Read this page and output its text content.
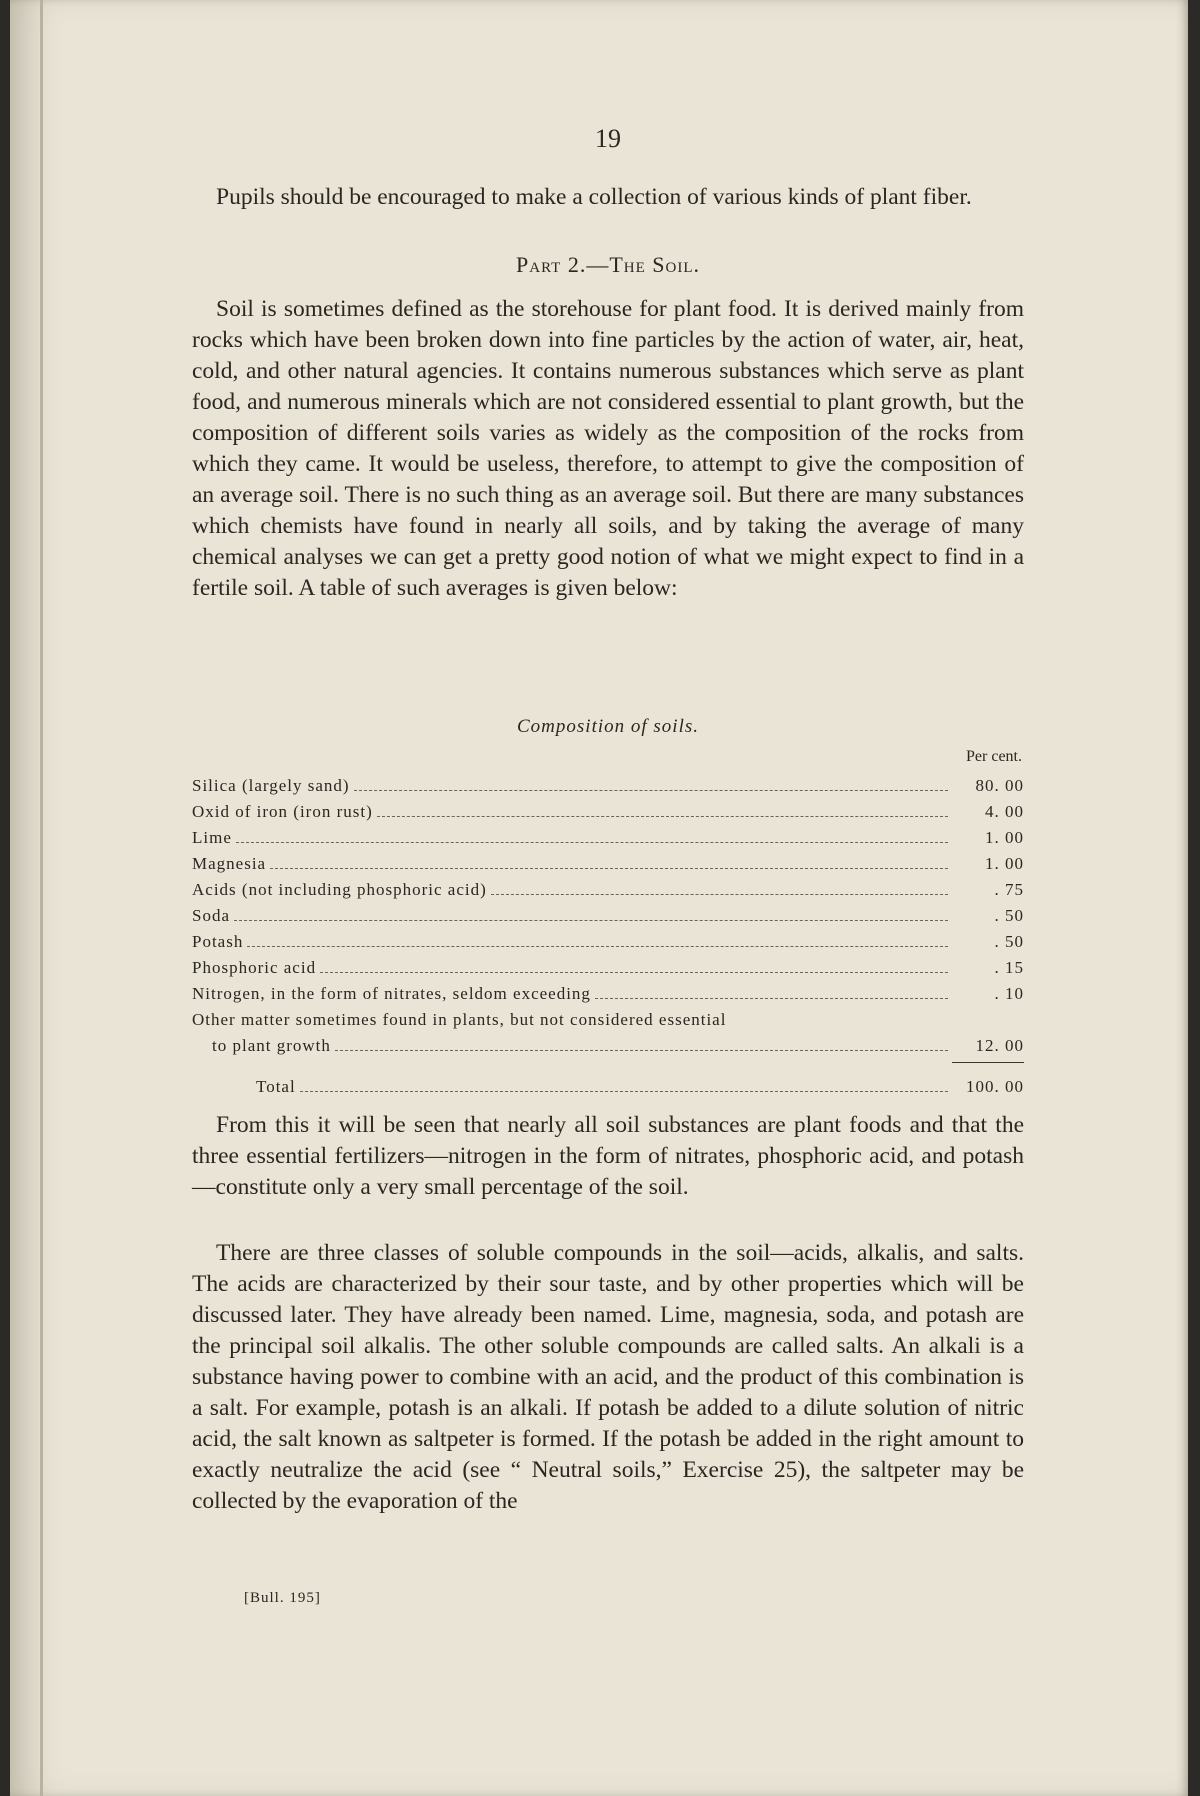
19

Pupils should be encouraged to make a collection of various kinds of plant fiber.

Part 2.—The Soil.

Soil is sometimes defined as the storehouse for plant food. It is derived mainly from rocks which have been broken down into fine particles by the action of water, air, heat, cold, and other natural agencies. It contains numerous substances which serve as plant food, and numerous minerals which are not considered essential to plant growth, but the composition of different soils varies as widely as the composition of the rocks from which they came. It would be useless, therefore, to attempt to give the composition of an average soil. There is no such thing as an average soil. But there are many substances which chemists have found in nearly all soils, and by taking the average of many chemical analyses we can get a pretty good notion of what we might expect to find in a fertile soil. A table of such averages is given below:

Composition of soils.
Per cent.
Silica (largely sand)	80. 00
Oxid of iron (iron rust)	4. 00
Lime	1. 00
Magnesia	1. 00
Acids (not including phosphoric acid)	. 75
Soda	. 50
Potash	. 50
Phosphoric acid	. 15
Nitrogen, in the form of nitrates, seldom exceeding	. 10
Other matter sometimes found in plants, but not considered essential
to plant growth	12. 00
Total	100. 00

From this it will be seen that nearly all soil substances are plant foods and that the three essential fertilizers—nitrogen in the form of nitrates, phosphoric acid, and potash—constitute only a very small percentage of the soil.

There are three classes of soluble compounds in the soil—acids, alkalis, and salts. The acids are characterized by their sour taste, and by other properties which will be discussed later. They have already been named. Lime, magnesia, soda, and potash are the principal soil alkalis. The other soluble compounds are called salts. An alkali is a substance having power to combine with an acid, and the product of this combination is a salt. For example, potash is an alkali. If potash be added to a dilute solution of nitric acid, the salt known as saltpeter is formed. If the potash be added in the right amount to exactly neutralize the acid (see “ Neutral soils,” Exercise 25), the saltpeter may be collected by the evaporation of the

[Bull. 195]
